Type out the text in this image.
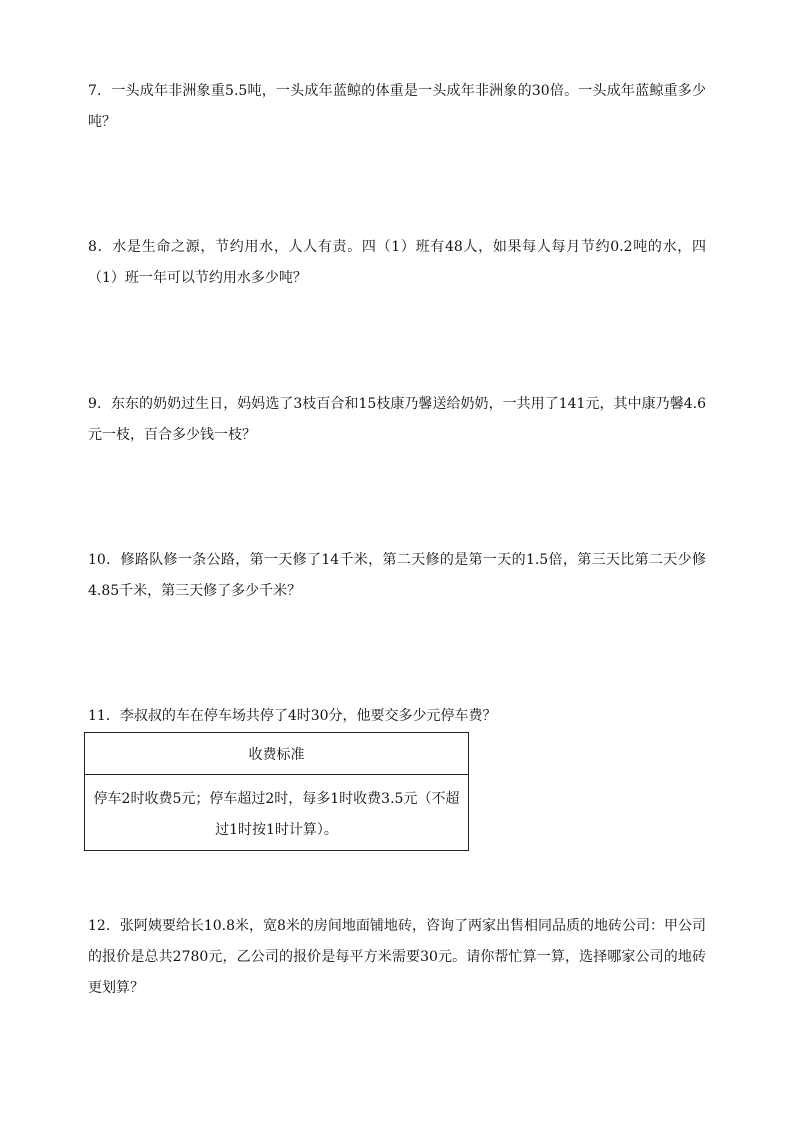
7．一头成年非洲象重5.5吨，一头成年蓝鲸的体重是一头成年非洲象的30倍。一头成年蓝鲸重多少吨？

8．水是生命之源，节约用水，人人有责。四（1）班有48人，如果每人每月节约0.2吨的水，四（1）班一年可以节约用水多少吨？

9．东东的奶奶过生日，妈妈选了3枝百合和15枝康乃馨送给奶奶，一共用了141元，其中康乃馨4.6元一枝，百合多少钱一枝？

10．修路队修一条公路，第一天修了14千米，第二天修的是第一天的1.5倍，第三天比第二天少修4.85千米，第三天修了多少千米？

11．李叔叔的车在停车场共停了4时30分，他要交多少元停车费？

收费标准
停车2时收费5元；停车超过2时，每多1时收费3.5元（不超过1时按1时计算）。

12．张阿姨要给长10.8米，宽8米的房间地面铺地砖，咨询了两家出售相同品质的地砖公司：甲公司的报价是总共2780元，乙公司的报价是每平方米需要30元。请你帮忙算一算，选择哪家公司的地砖更划算？
